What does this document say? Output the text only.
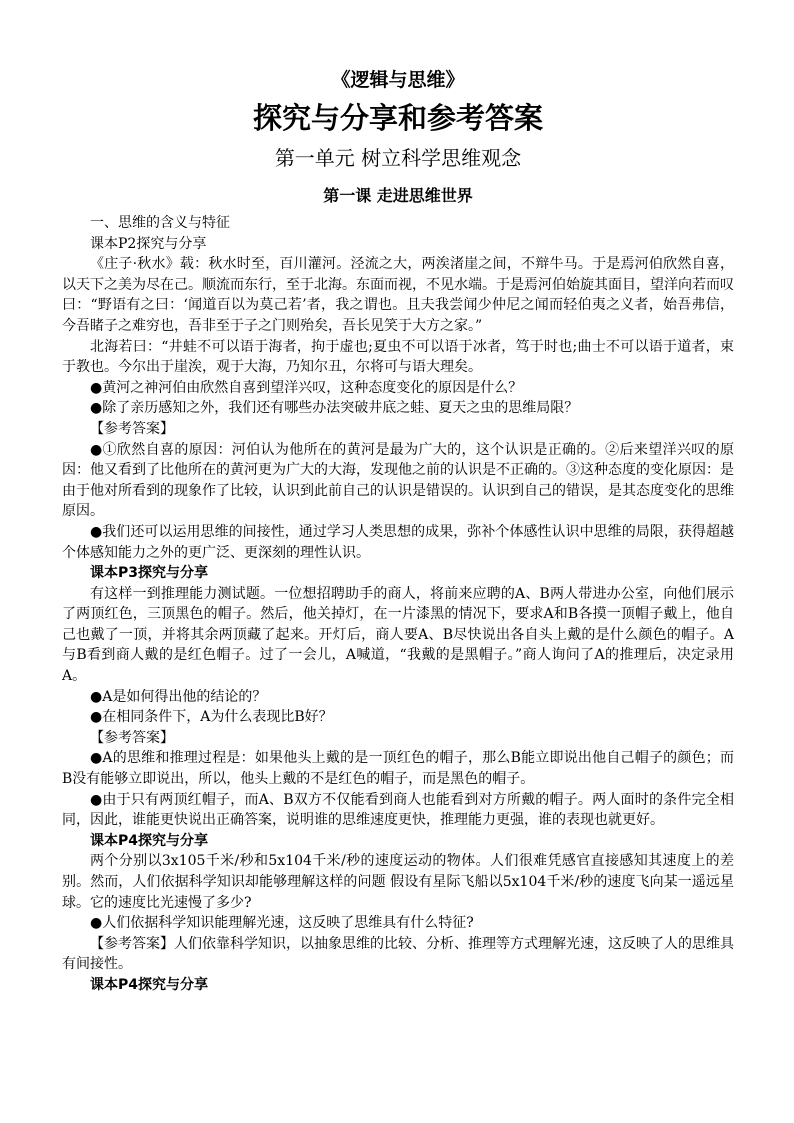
《逻辑与思维》
探究与分享和参考答案
第一单元 树立科学思维观念
第一课 走进思维世界

一、思维的含义与特征

课本P2探究与分享

《庄子·秋水》载：秋水时至，百川灌河。泾流之大，两涘渚崖之间，不辩牛马。于是焉河伯欣然自喜，以天下之美为尽在己。顺流而东行，至于北海。东面而视，不见水端。于是焉河伯始旋其面目，望洋向若而叹曰：“野语有之曰：‘闻道百以为莫己若’者，我之谓也。且夫我尝闻少仲尼之闻而轻伯夷之义者，始吾弗信，今吾睹子之难穷也，吾非至于子之门则殆矣，吾长见笑于大方之家。”

北海若曰：“井蛙不可以语于海者，拘于虚也;夏虫不可以语于冰者，笃于时也;曲士不可以语于道者，束于教也。今尔出于崖涘，观于大海，乃知尔丑，尔将可与语大理矣。

●黄河之神河伯由欣然自喜到望洋兴叹，这种态度变化的原因是什么？

●除了亲历感知之外，我们还有哪些办法突破井底之蛙、夏天之虫的思维局限？

【参考答案】

●①欣然自喜的原因：河伯认为他所在的黄河是最为广大的，这个认识是正确的。②后来望洋兴叹的原因：他又看到了比他所在的黄河更为广大的大海，发现他之前的认识是不正确的。③这种态度的变化原因：是由于他对所看到的现象作了比较，认识到此前自己的认识是错误的。认识到自己的错误，是其态度变化的思维原因。

●我们还可以运用思维的间接性，通过学习人类思想的成果，弥补个体感性认识中思维的局限，获得超越个体感知能力之外的更广泛、更深刻的理性认识。

课本P3探究与分享

有这样一到推理能力测试题。一位想招聘助手的商人，将前来应聘的A、B两人带进办公室，向他们展示了两顶红色，三顶黑色的帽子。然后，他关掉灯，在一片漆黑的情况下，要求A和B各摸一顶帽子戴上，他自己也戴了一顶，并将其余两顶藏了起来。开灯后，商人要A、B尽快说出各自头上戴的是什么颜色的帽子。A与B看到商人戴的是红色帽子。过了一会儿，A喊道，“我戴的是黑帽子。”商人询问了A的推理后，决定录用A。

●A是如何得出他的结论的？

●在相同条件下，A为什么表现比B好？

【参考答案】

●A的思维和推理过程是：如果他头上戴的是一顶红色的帽子，那么B能立即说出他自己帽子的颜色；而B没有能够立即说出，所以，他头上戴的不是红色的帽子，而是黑色的帽子。

●由于只有两顶红帽子，而A、B双方不仅能看到商人也能看到对方所戴的帽子。两人面时的条件完全相同，因此，谁能更快说出正确答案，说明谁的思维速度更快，推理能力更强，谁的表现也就更好。

课本P4探究与分享

两个分别以3x105千米/秒和5x104千米/秒的速度运动的物体。人们很难凭感官直接感知其速度上的差别。然而，人们依据科学知识却能够理解这样的问题 假设有星际飞船以5x104千米/秒的速度飞向某一遥远星球。它的速度比光速慢了多少?

●人们依据科学知识能理解光速，这反映了思维具有什么特征?

【参考答案】人们依靠科学知识，以抽象思维的比较、分析、推理等方式理解光速，这反映了人的思维具有间接性。

课本P4探究与分享
